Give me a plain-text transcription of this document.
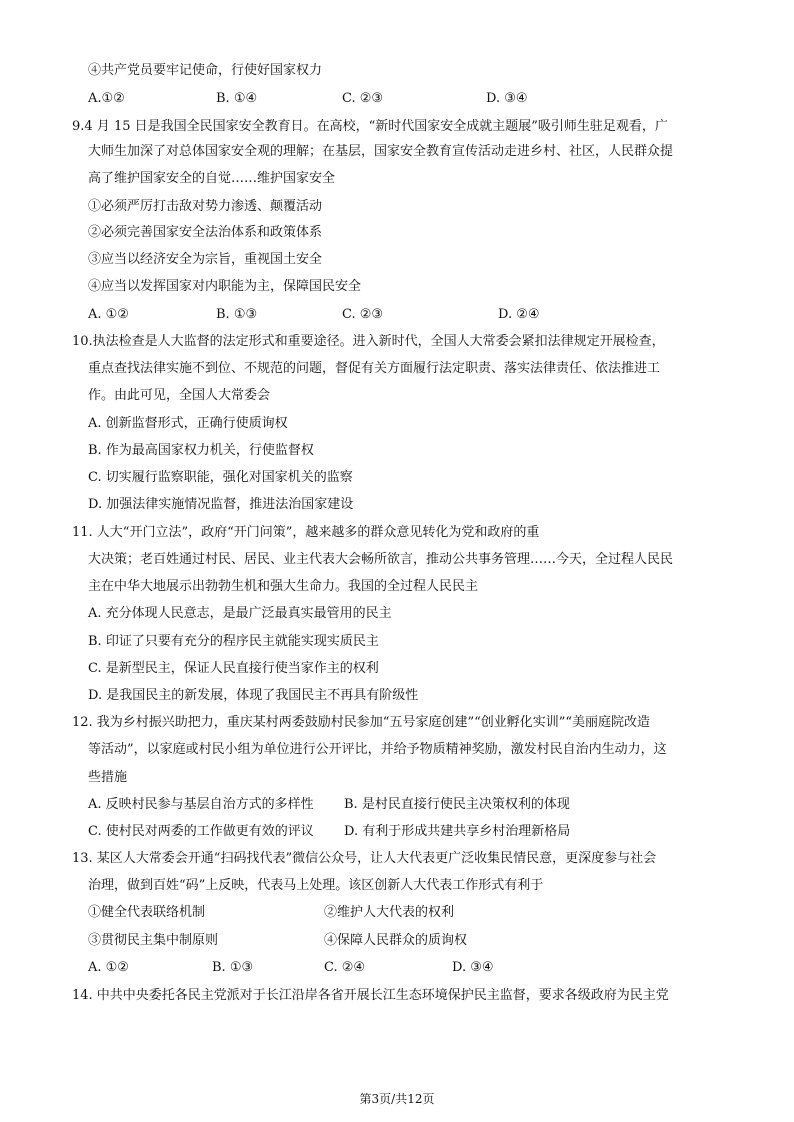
④共产党员要牢记使命，行使好国家权力
A.①②	B. ①④	C. ②③	D. ③④
9.4 月 15 日是我国全民国家安全教育日。在高校，“新时代国家安全成就主题展”吸引师生驻足观看，广
大师生加深了对总体国家安全观的理解；在基层，国家安全教育宣传活动走进乡村、社区，人民群众提
高了维护国家安全的自觉……维护国家安全
①必须严厉打击敌对势力渗透、颠覆活动
②必须完善国家安全法治体系和政策体系
③应当以经济安全为宗旨，重视国土安全
④应当以发挥国家对内职能为主，保障国民安全
A. ①②	B. ①③	C. ②③	D. ②④
10.执法检查是人大监督的法定形式和重要途径。进入新时代，全国人大常委会紧扣法律规定开展检查，
重点查找法律实施不到位、不规范的问题，督促有关方面履行法定职责、落实法律责任、依法推进工
作。由此可见，全国人大常委会
A. 创新监督形式，正确行使质询权
B. 作为最高国家权力机关，行使监督权
C. 切实履行监察职能，强化对国家机关的监察
D. 加强法律实施情况监督，推进法治国家建设
11. 人大“开门立法”，政府“开门问策”，越来越多的群众意见转化为党和政府的重
大决策；老百姓通过村民、居民、业主代表大会畅所欲言，推动公共事务管理……今天，全过程人民民
主在中华大地展示出勃勃生机和强大生命力。我国的全过程人民民主
A. 充分体现人民意志，是最广泛最真实最管用的民主
B. 印证了只要有充分的程序民主就能实现实质民主
C. 是新型民主，保证人民直接行使当家作主的权利
D. 是我国民主的新发展，体现了我国民主不再具有阶级性
12. 我为乡村振兴助把力，重庆某村两委鼓励村民参加“五号家庭创建”“创业孵化实训”“美丽庭院改造
等活动”，以家庭或村民小组为单位进行公开评比，并给予物质精神奖励，激发村民自治内生动力，这
些措施
A. 反映村民参与基层自治方式的多样性 B. 是村民直接行使民主决策权利的体现
C. 使村民对两委的工作做更有效的评议 D. 有利于形成共建共享乡村治理新格局
13. 某区人大常委会开通“扫码找代表”微信公众号，让人大代表更广泛收集民情民意，更深度参与社会
治理，做到百姓“码”上反映，代表马上处理。该区创新人大代表工作形式有利于
①健全代表联络机制	②维护人大代表的权利
③贯彻民主集中制原则	④保障人民群众的质询权
A. ①②	B. ①③	C. ②④	D. ③④
14. 中共中央委托各民主党派对于长江沿岸各省开展长江生态环境保护民主监督，要求各级政府为民主党
第3页/共12页
